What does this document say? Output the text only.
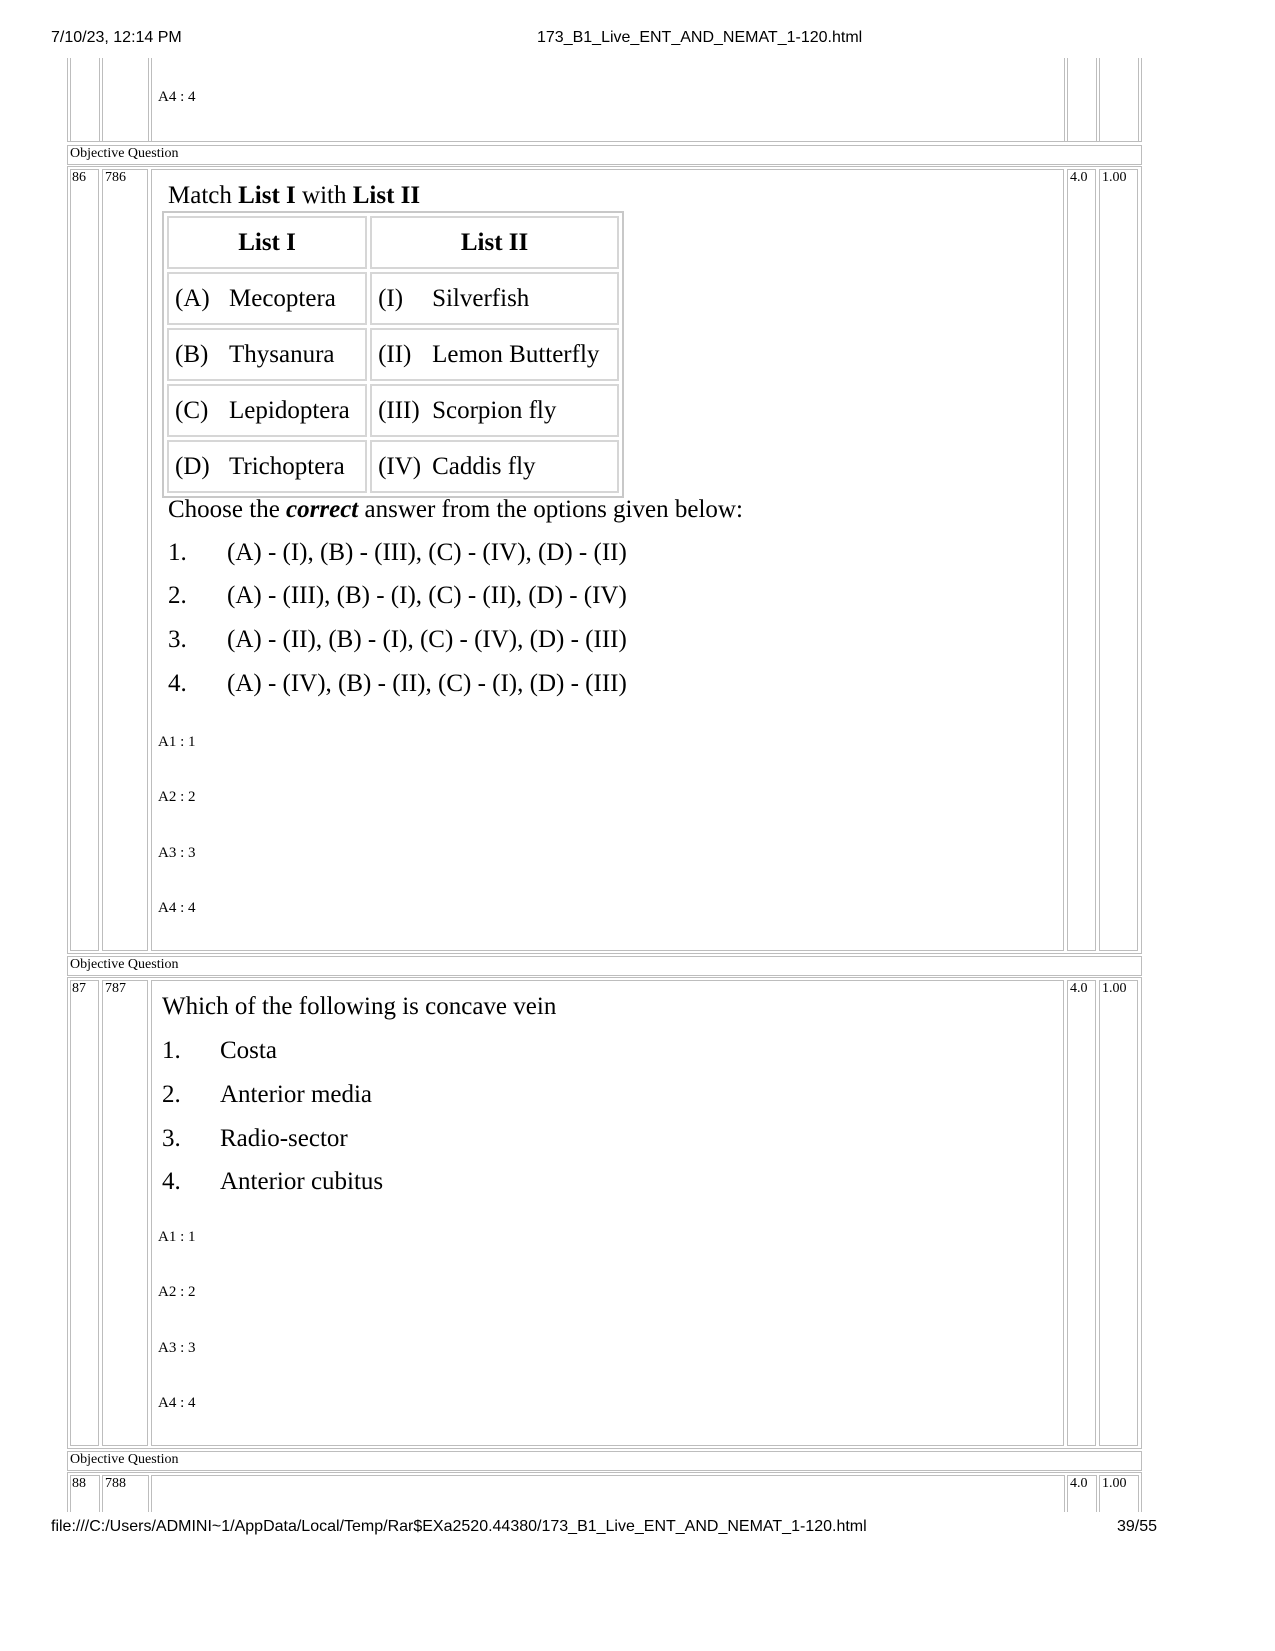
7/10/23, 12:14 PM	173_B1_Live_ENT_AND_NEMAT_1-120.html
A4 : 4
Objective Question
86 786	4.0 1.00
Match List I with List II
List I	List II
(A) Mecoptera	(I) Silverfish
(B) Thysanura	(II) Lemon Butterfly
(C) Lepidoptera	(III) Scorpion fly
(D) Trichoptera	(IV) Caddis fly
Choose the correct answer from the options given below:
1. (A) - (I), (B) - (III), (C) - (IV), (D) - (II)
2. (A) - (III), (B) - (I), (C) - (II), (D) - (IV)
3. (A) - (II), (B) - (I), (C) - (IV), (D) - (III)
4. (A) - (IV), (B) - (II), (C) - (I), (D) - (III)
A1 : 1
A2 : 2
A3 : 3
A4 : 4
Objective Question
87 787	4.0 1.00
Which of the following is concave vein
1. Costa
2. Anterior media
3. Radio-sector
4. Anterior cubitus
A1 : 1
A2 : 2
A3 : 3
A4 : 4
Objective Question
88 788	4.0 1.00
file:///C:/Users/ADMINI~1/AppData/Local/Temp/Rar$EXa2520.44380/173_B1_Live_ENT_AND_NEMAT_1-120.html	39/55
